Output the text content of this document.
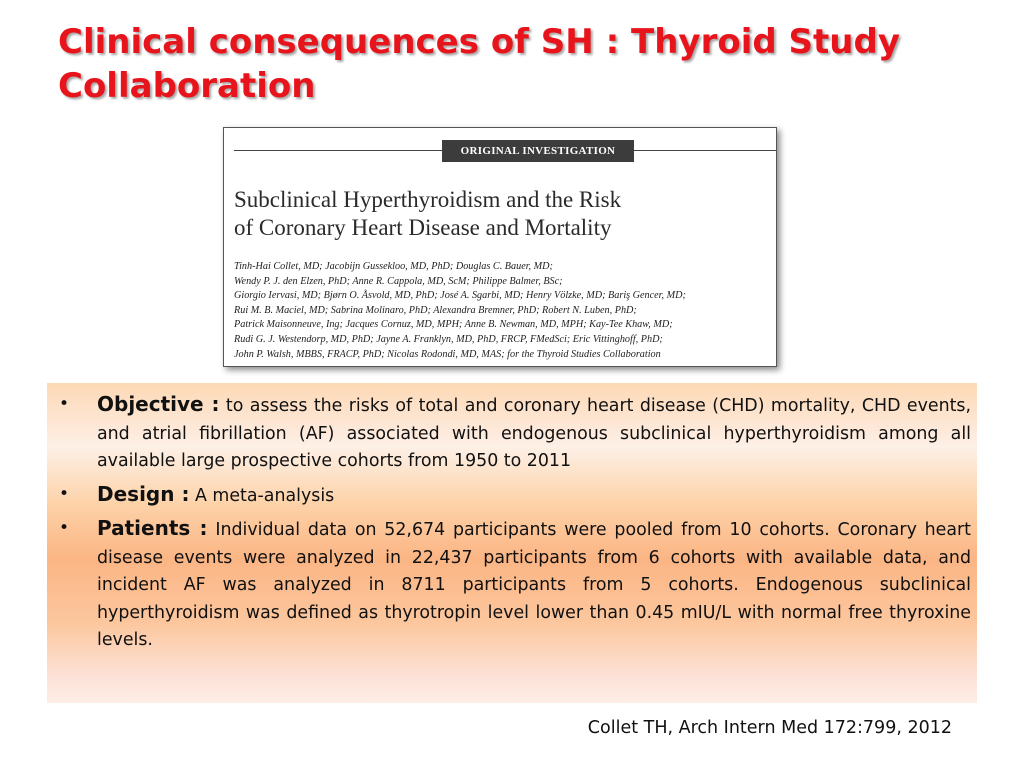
Clinical consequences of SH : Thyroid Study Collaboration
ORIGINAL INVESTIGATION
Subclinical Hyperthyroidism and the Risk
of Coronary Heart Disease and Mortality
Tinh-Hai Collet, MD; Jacobijn Gussekloo, MD, PhD; Douglas C. Bauer, MD;
Wendy P. J. den Elzen, PhD; Anne R. Cappola, MD, ScM; Philippe Balmer, BSc;
Giorgio Iervasi, MD; Bjørn O. Åsvold, MD, PhD; José A. Sgarbi, MD; Henry Völzke, MD; Bariş Gencer, MD;
Rui M. B. Maciel, MD; Sabrina Molinaro, PhD; Alexandra Bremner, PhD; Robert N. Luben, PhD;
Patrick Maisonneuve, Ing; Jacques Cornuz, MD, MPH; Anne B. Newman, MD, MPH; Kay-Tee Khaw, MD;
Rudi G. J. Westendorp, MD, PhD; Jayne A. Franklyn, MD, PhD, FRCP, FMedSci; Eric Vittinghoff, PhD;
John P. Walsh, MBBS, FRACP, PhD; Nicolas Rodondi, MD, MAS; for the Thyroid Studies Collaboration
• Objective : to assess the risks of total and coronary heart disease (CHD) mortality, CHD events, and atrial fibrillation (AF) associated with endogenous subclinical hyperthyroidism among all available large prospective cohorts from 1950 to 2011
• Design : A meta-analysis
• Patients : Individual data on 52,674 participants were pooled from 10 cohorts. Coronary heart disease events were analyzed in 22,437 participants from 6 cohorts with available data, and incident AF was analyzed in 8711 participants from 5 cohorts. Endogenous subclinical hyperthyroidism was defined as thyrotropin level lower than 0.45 mIU/L with normal free thyroxine levels.
Collet TH, Arch Intern Med 172:799, 2012
